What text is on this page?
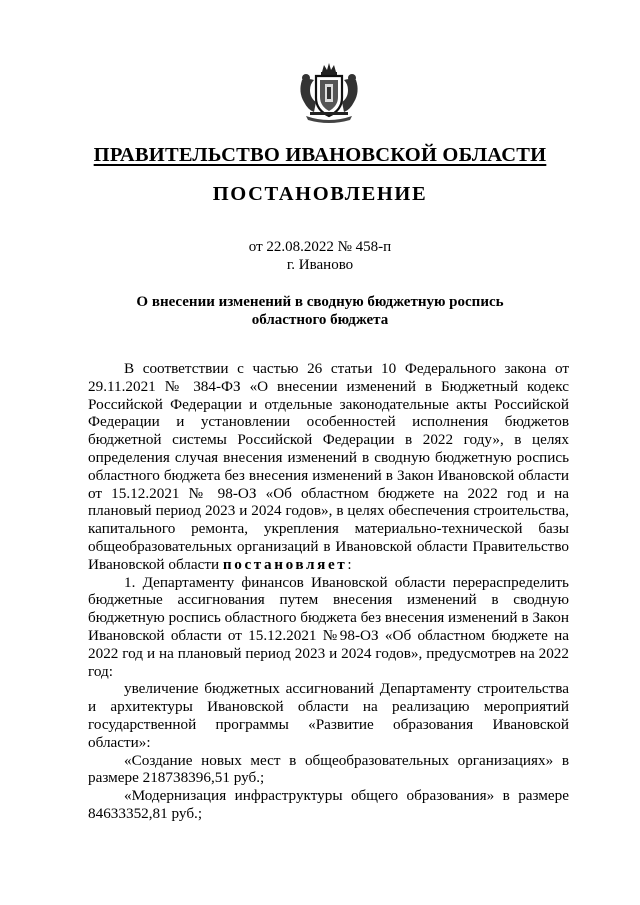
ПРАВИТЕЛЬСТВО ИВАНОВСКОЙ ОБЛАСТИ
ПОСТАНОВЛЕНИЕ
от 22.08.2022 № 458-п
г. Иваново
О внесении изменений в сводную бюджетную роспись
областного бюджета

В соответствии с частью 26 статьи 10 Федерального закона от 29.11.2021 № 384-ФЗ «О внесении изменений в Бюджетный кодекс Российской Федерации и отдельные законодательные акты Российской Федерации и установлении особенностей исполнения бюджетов бюджетной системы Российской Федерации в 2022 году», в целях определения случая внесения изменений в сводную бюджетную роспись областного бюджета без внесения изменений в Закон Ивановской области от 15.12.2021 № 98-ОЗ «Об областном бюджете на 2022 год и на плановый период 2023 и 2024 годов», в целях обеспечения строительства, капитального ремонта, укрепления материально-технической базы общеобразовательных организаций в Ивановской области Правительство Ивановской области постановляет:

1. Департаменту финансов Ивановской области перераспределить бюджетные ассигнования путем внесения изменений в сводную бюджетную роспись областного бюджета без внесения изменений в Закон Ивановской области от 15.12.2021 №98-ОЗ «Об областном бюджете на 2022 год и на плановый период 2023 и 2024 годов», предусмотрев на 2022 год:

увеличение бюджетных ассигнований Департаменту строительства и архитектуры Ивановской области на реализацию мероприятий государственной программы «Развитие образования Ивановской области»:

«Создание новых мест в общеобразовательных организациях» в размере 218738396,51 руб.;

«Модернизация инфраструктуры общего образования» в размере 84633352,81 руб.;
